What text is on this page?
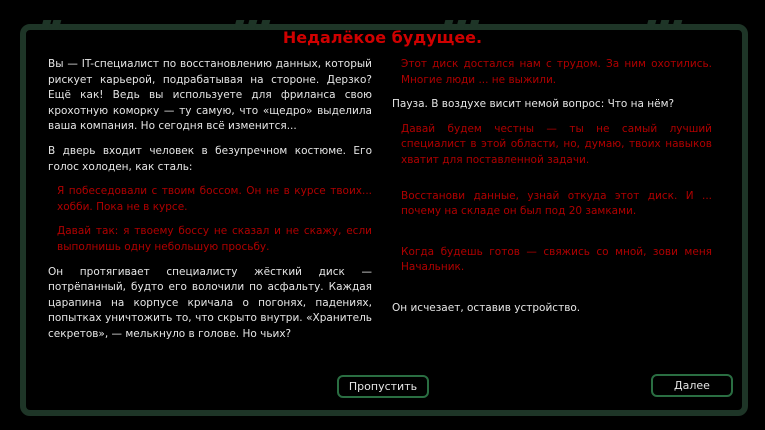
Недалёкое будущее.

Вы — IT-специалист по восстановлению данных, который рискует карьерой, подрабатывая на стороне. Дерзко? Ещё как! Ведь вы используете для фриланса свою крохотную коморку — ту самую, что «щедро» выделила ваша компания. Но сегодня всё изменится...

В дверь входит человек в безупречном костюме. Его голос холоден, как сталь:

Я побеседовали с твоим боссом. Он не в курсе твоих... хобби. Пока не в курсе.

Давай так: я твоему боссу не сказал и не скажу, если выполнишь одну небольшую просьбу.

Он протягивает специалисту жёсткий диск — потрёпанный, будто его волочили по асфальту. Каждая царапина на корпусе кричала о погонях, падениях, попытках уничтожить то, что скрыто внутри. «Хранитель секретов», — мелькнуло в голове. Но чьих?

Этот диск достался нам с трудом. За ним охотились. Многие люди ... не выжили.

Пауза. В воздухе висит немой вопрос: Что на нём?

Давай будем честны — ты не самый лучший специалист в этой области, но, думаю, твоих навыков хватит для поставленной задачи.

Восстанови данные, узнай откуда этот диск. И ... почему на складе он был под 20 замками.

Когда будешь готов — свяжись со мной, зови меня Начальник.

Он исчезает, оставив устройство.

Пропустить	Далее
